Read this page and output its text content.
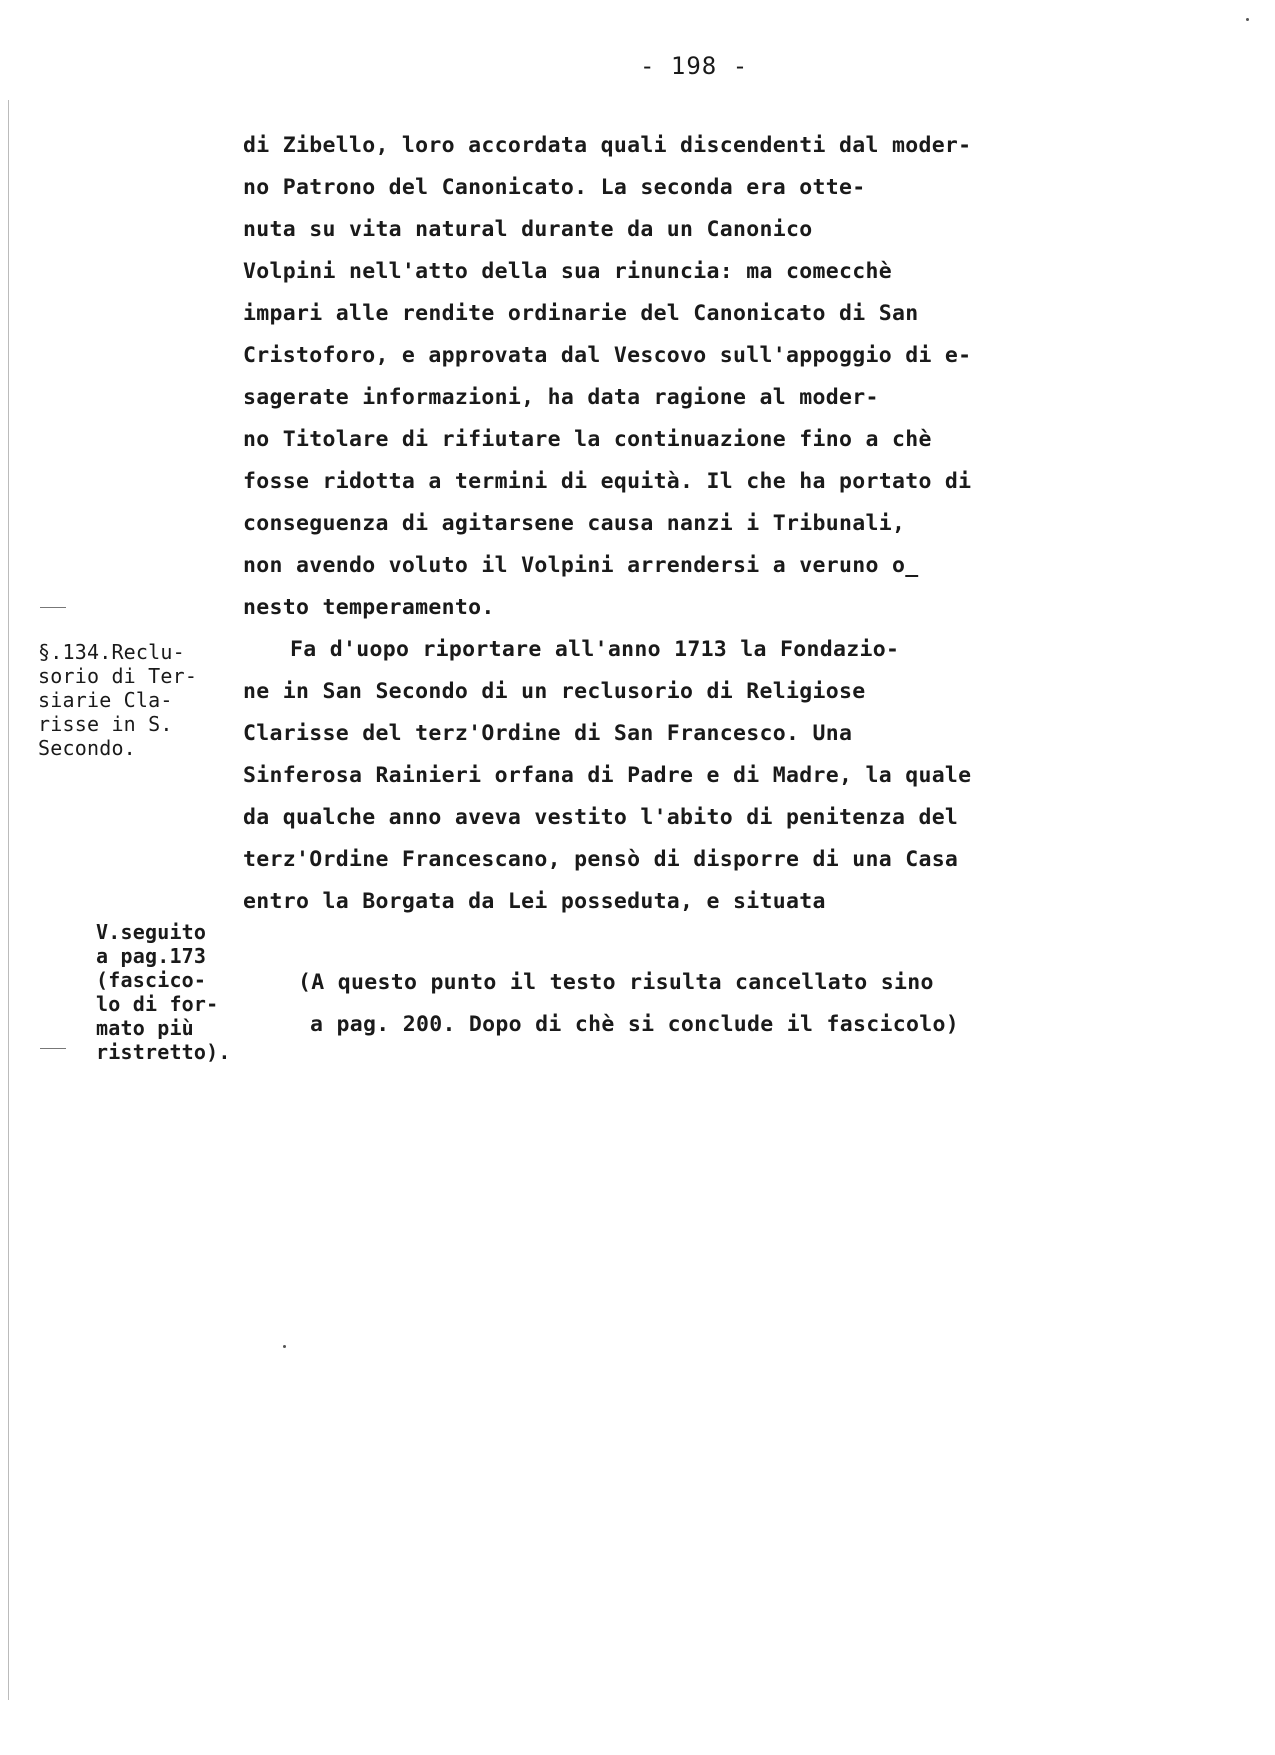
- 198 -
di Zibello, loro accordata quali discendenti dal moder-
no Patrono del Canonicato. La seconda era otte-
nuta su vita natural durante da un Canonico
Volpini nell'atto della sua rinuncia: ma comecchè
impari alle rendite ordinarie del Canonicato di San
Cristoforo, e approvata dal Vescovo sull'appoggio di e-
sagerate informazioni, ha data ragione al moder-
no Titolare di rifiutare la continuazione fino a chè
fosse ridotta a termini di equità. Il che ha portato di
conseguenza di agitarsene causa nanzi i Tribunali,
non avendo voluto il Volpini arrendersi a veruno o_
nesto temperamento.
Fa d'uopo riportare all'anno 1713 la Fondazio-
ne in San Secondo di un reclusorio di Religiose
Clarisse del terz'Ordine di San Francesco. Una
Sinferosa Rainieri orfana di Padre e di Madre, la quale
da qualche anno aveva vestito l'abito di penitenza del
terz'Ordine Francescano, pensò di disporre di una Casa
entro la Borgata da Lei posseduta, e situata
§.134.Reclu-
sorio di Ter-
siarie Cla-
risse in S.
Secondo.
V.seguito
a pag.173
(fascico-
lo di for-
mato più
ristretto).
(A questo punto il testo risulta cancellato sino
a pag. 200. Dopo di chè si conclude il fascicolo)
